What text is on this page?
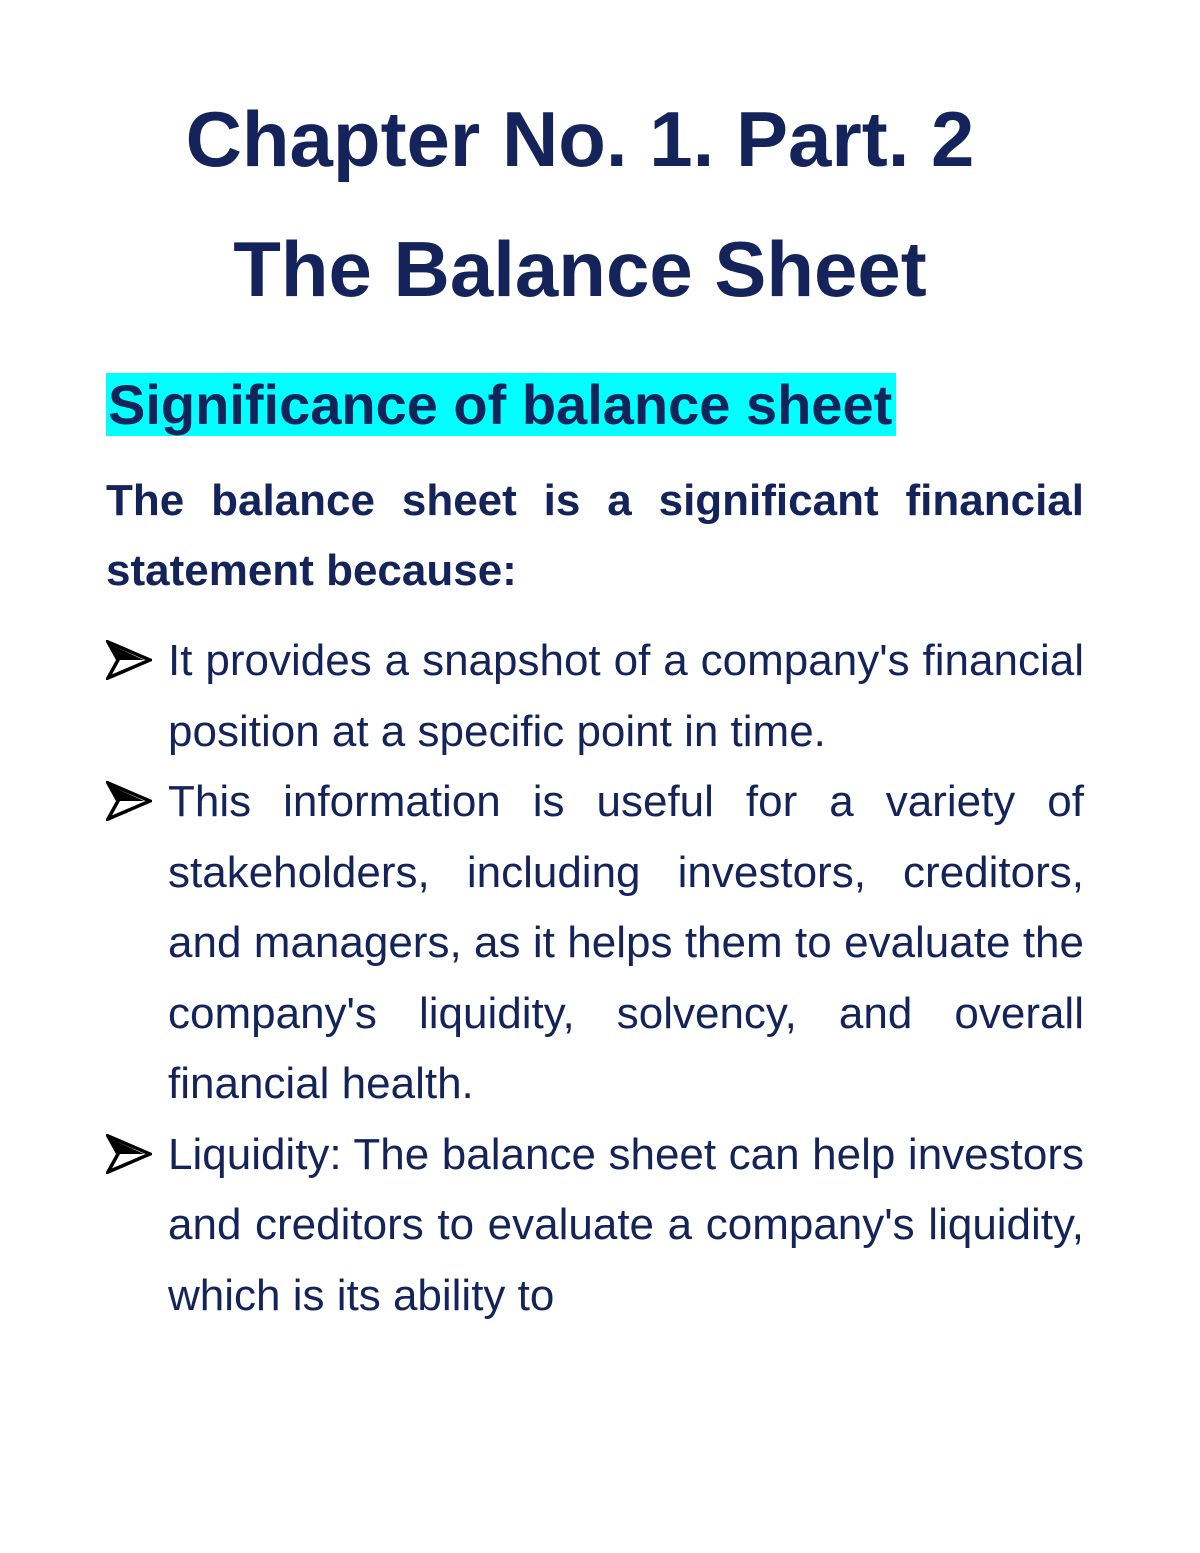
Chapter No. 1. Part. 2
The Balance Sheet
Significance of balance sheet

The balance sheet is a significant financial statement because:

It provides a snapshot of a company's financial position at a specific point in time.
This information is useful for a variety of stakeholders, including investors, creditors, and managers, as it helps them to evaluate the company's liquidity, solvency, and overall financial health.
Liquidity: The balance sheet can help investors and creditors to evaluate a company's liquidity, which is its ability to
